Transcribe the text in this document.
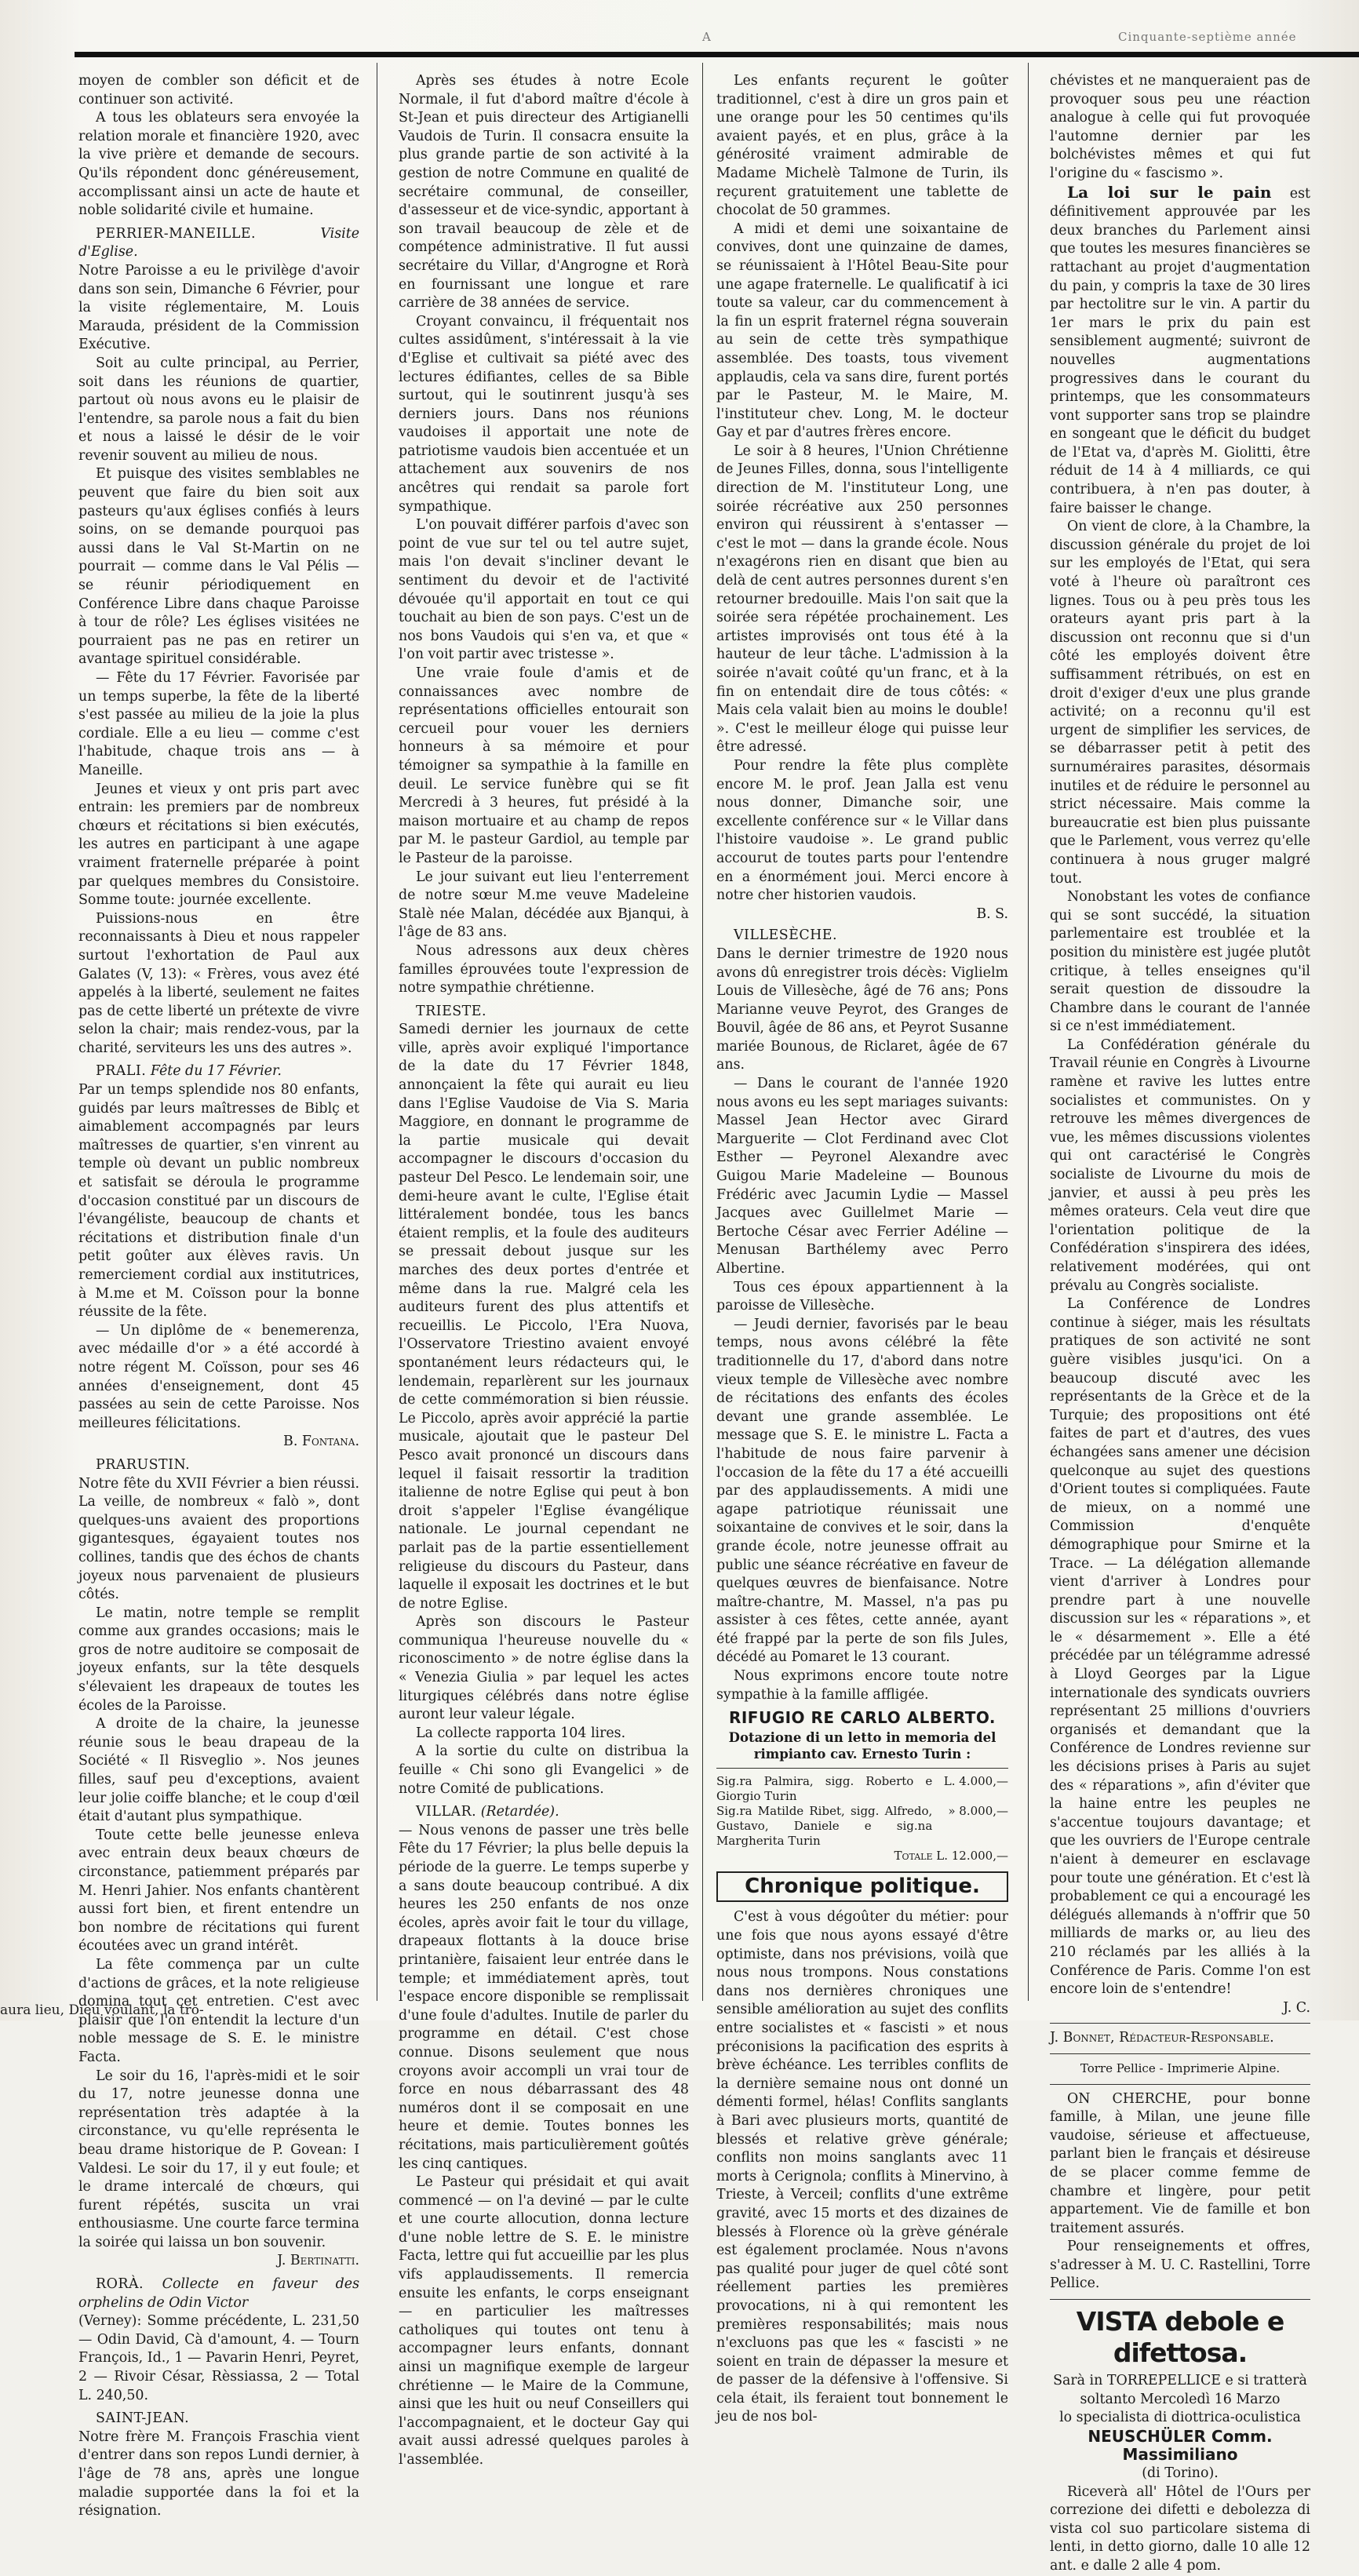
A	Cinquante-septième année

moyen de combler son déficit et de continuer son activité.

A tous les oblateurs sera envoyée la relation morale et financière 1920, avec la vive prière et demande de secours. Qu'ils répondent donc généreusement, accomplissant ainsi un acte de haute et noble solidarité civile et humaine.

PERRIER-MANEILLE.	Visite d'Eglise.

Notre Paroisse a eu le privilège d'avoir dans son sein, Dimanche 6 Février, pour la visite réglementaire, M. Louis Marauda, président de la Commission Exécutive.

Soit au culte principal, au Perrier, soit dans les réunions de quartier, partout où nous avons eu le plaisir de l'entendre, sa parole nous a fait du bien et nous a laissé le désir de le voir revenir souvent au milieu de nous.

Et puisque des visites semblables ne peuvent que faire du bien soit aux pasteurs qu'aux églises confiés à leurs soins, on se demande pourquoi pas aussi dans le Val St-Martin on ne pourrait — comme dans le Val Pélis — se réunir périodiquement en Conférence Libre dans chaque Paroisse à tour de rôle? Les églises visitées ne pourraient pas ne pas en retirer un avantage spirituel considérable.

— Fête du 17 Février. Favorisée par un temps superbe, la fête de la liberté s'est passée au milieu de la joie la plus cordiale. Elle a eu lieu — comme c'est l'habitude, chaque trois ans — à Maneille.

Jeunes et vieux y ont pris part avec entrain: les premiers par de nombreux chœurs et récitations si bien exécutés, les autres en participant à une agape vraiment fraternelle préparée à point par quelques membres du Consistoire. Somme toute: journée excellente.

Puissions-nous en être reconnaissants à Dieu et nous rappeler surtout l'exhortation de Paul aux Galates (V, 13): « Frères, vous avez été appelés à la liberté, seulement ne faites pas de cette liberté un prétexte de vivre selon la chair; mais rendez-vous, par la charité, serviteurs les uns des autres ».

PRALI. Fête du 17 Février.

Par un temps splendide nos 80 enfants, guidés par leurs maîtresses de Biblç et aimablement accompagnés par leurs maîtresses de quartier, s'en vinrent au temple où devant un public nombreux et satisfait se déroula le programme d'occasion constitué par un discours de l'évangéliste, beaucoup de chants et récitations et distribution finale d'un petit goûter aux élèves ravis. Un remerciement cordial aux institutrices, à M.me et M. Coïsson pour la bonne réussite de la fête.

— Un diplôme de « benemerenza, avec médaille d'or » a été accordé à notre régent M. Coïsson, pour ses 46 années d'enseignement, dont 45 passées au sein de cette Paroisse. Nos meilleures félicitations.

B. Fontana.

PRARUSTIN.

Notre fête du XVII Février a bien réussi. La veille, de nombreux « falò », dont quelques-uns avaient des proportions gigantesques, égayaient toutes nos collines, tandis que des échos de chants joyeux nous parvenaient de plusieurs côtés.

Le matin, notre temple se remplit comme aux grandes occasions; mais le gros de notre auditoire se composait de joyeux enfants, sur la tête desquels s'élevaient les drapeaux de toutes les écoles de la Paroisse.

A droite de la chaire, la jeunesse réunie sous le beau drapeau de la Société « Il Risveglio ». Nos jeunes filles, sauf peu d'exceptions, avaient leur jolie coiffe blanche; et le coup d'œil était d'autant plus sympathique.

Toute cette belle jeunesse enleva avec entrain deux beaux chœurs de circonstance, patiemment préparés par M. Henri Jahier. Nos enfants chantèrent aussi fort bien, et firent entendre un bon nombre de récitations qui furent écoutées avec un grand intérêt.

La fête commença par un culte d'actions de grâces, et la note religieuse domina tout cet entretien. C'est avec plaisir que l'on entendit la lecture d'un noble message de S. E. le ministre Facta.

Le soir du 16, l'après-midi et le soir du 17, notre jeunesse donna une représentation très adaptée à la circonstance, vu qu'elle représenta le beau drame historique de P. Govean: I Valdesi. Le soir du 17, il y eut foule; et le drame intercalé de chœurs, qui furent répétés, suscita un vrai enthousiasme. Une courte farce termina la soirée qui laissa un bon souvenir.

J. Bertinatti.

RORÀ. Collecte en faveur des orphelins de Odin Victor

(Verney): Somme précédente, L. 231,50 — Odin David, Cà d'amount, 4. — Tourn François, Id., 1 — Pavarin Henri, Peyret, 2 — Rivoir César, Rèssiassa, 2 — Total L. 240,50.

SAINT-JEAN.

Notre frère M. François Fraschia vient d'entrer dans son repos Lundi dernier, à l'âge de 78 ans, après une longue maladie supportée dans la foi et la résignation.

Après ses études à notre Ecole Normale, il fut d'abord maître d'école à St-Jean et puis directeur des Artigianelli Vaudois de Turin. Il consacra ensuite la plus grande partie de son activité à la gestion de notre Commune en qualité de secrétaire communal, de conseiller, d'assesseur et de vice-syndic, apportant à son travail beaucoup de zèle et de compétence administrative. Il fut aussi secrétaire du Villar, d'Angrogne et Rorà en fournissant une longue et rare carrière de 38 années de service.

Croyant convaincu, il fréquentait nos cultes assidûment, s'intéressait à la vie d'Eglise et cultivait sa piété avec des lectures édifiantes, celles de sa Bible surtout, qui le soutinrent jusqu'à ses derniers jours. Dans nos réunions vaudoises il apportait une note de patriotisme vaudois bien accentuée et un attachement aux souvenirs de nos ancêtres qui rendait sa parole fort sympathique.

L'on pouvait différer parfois d'avec son point de vue sur tel ou tel autre sujet, mais l'on devait s'incliner devant le sentiment du devoir et de l'activité dévouée qu'il apportait en tout ce qui touchait au bien de son pays. C'est un de nos bons Vaudois qui s'en va, et que « l'on voit partir avec tristesse ».

Une vraie foule d'amis et de connaissances avec nombre de représentations officielles entourait son cercueil pour vouer les derniers honneurs à sa mémoire et pour témoigner sa sympathie à la famille en deuil. Le service funèbre qui se fit Mercredi à 3 heures, fut présidé à la maison mortuaire et au champ de repos par M. le pasteur Gardiol, au temple par le Pasteur de la paroisse.

Le jour suivant eut lieu l'enterrement de notre sœur M.me veuve Madeleine Stalè née Malan, décédée aux Bjanqui, à l'âge de 83 ans.

Nous adressons aux deux chères familles éprouvées toute l'expression de notre sympathie chrétienne.

TRIESTE.

Samedi dernier les journaux de cette ville, après avoir expliqué l'importance de la date du 17 Février 1848, annonçaient la fête qui aurait eu lieu dans l'Eglise Vaudoise de Via S. Maria Maggiore, en donnant le programme de la partie musicale qui devait accompagner le discours d'occasion du pasteur Del Pesco. Le lendemain soir, une demi-heure avant le culte, l'Eglise était littéralement bondée, tous les bancs étaient remplis, et la foule des auditeurs se pressait debout jusque sur les marches des deux portes d'entrée et même dans la rue. Malgré cela les auditeurs furent des plus attentifs et recueillis. Le Piccolo, l'Era Nuova, l'Osservatore Triestino avaient envoyé spontanément leurs rédacteurs qui, le lendemain, reparlèrent sur les journaux de cette commémoration si bien réussie. Le Piccolo, après avoir apprécié la partie musicale, ajoutait que le pasteur Del Pesco avait prononcé un discours dans lequel il faisait ressortir la tradition italienne de notre Eglise qui peut à bon droit s'appeler l'Eglise évangélique nationale. Le journal cependant ne parlait pas de la partie essentiellement religieuse du discours du Pasteur, dans laquelle il exposait les doctrines et le but de notre Eglise.

Après son discours le Pasteur communiqua l'heureuse nouvelle du « riconoscimento » de notre église dans la « Venezia Giulia » par lequel les actes liturgiques célébrés dans notre église auront leur valeur légale.

La collecte rapporta 104 lires.

A la sortie du culte on distribua la feuille « Chi sono gli Evangelici » de notre Comité de publications.

VILLAR. (Retardée).

— Nous venons de passer une très belle Fête du 17 Février; la plus belle depuis la période de la guerre. Le temps superbe y a sans doute beaucoup contribué. A dix heures les 250 enfants de nos onze écoles, après avoir fait le tour du village, drapeaux flottants à la douce brise printanière, faisaient leur entrée dans le temple; et immédiatement après, tout l'espace encore disponible se remplissait d'une foule d'adultes. Inutile de parler du programme en détail. C'est chose connue. Disons seulement que nous croyons avoir accompli un vrai tour de force en nous débarrassant des 48 numéros dont il se composait en une heure et demie. Toutes bonnes les récitations, mais particulièrement goûtés les cinq cantiques.

Le Pasteur qui présidait et qui avait commencé — on l'a deviné — par le culte et une courte allocution, donna lecture d'une noble lettre de S. E. le ministre Facta, lettre qui fut accueillie par les plus vifs applaudissements. Il remercia ensuite les enfants, le corps enseignant — en particulier les maîtresses catholiques qui toutes ont tenu à accompagner leurs enfants, donnant ainsi un magnifique exemple de largeur chrétienne — le Maire de la Commune, ainsi que les huit ou neuf Conseillers qui l'accompagnaient, et le docteur Gay qui avait aussi adressé quelques paroles à l'assemblée.

Les enfants reçurent le goûter traditionnel, c'est à dire un gros pain et une orange pour les 50 centimes qu'ils avaient payés, et en plus, grâce à la générosité vraiment admirable de Madame Michelè Talmone de Turin, ils reçurent gratuitement une tablette de chocolat de 50 grammes.

A midi et demi une soixantaine de convives, dont une quinzaine de dames, se réunissaient à l'Hôtel Beau-Site pour une agape fraternelle. Le qualificatif à ici toute sa valeur, car du commencement à la fin un esprit fraternel régna souverain au sein de cette très sympathique assemblée. Des toasts, tous vivement applaudis, cela va sans dire, furent portés par le Pasteur, M. le Maire, M. l'instituteur chev. Long, M. le docteur Gay et par d'autres frères encore.

Le soir à 8 heures, l'Union Chrétienne de Jeunes Filles, donna, sous l'intelligente direction de M. l'instituteur Long, une soirée récréative aux 250 personnes environ qui réussirent à s'entasser — c'est le mot — dans la grande école. Nous n'exagérons rien en disant que bien au delà de cent autres personnes durent s'en retourner bredouille. Mais l'on sait que la soirée sera répétée prochainement. Les artistes improvisés ont tous été à la hauteur de leur tâche. L'admission à la soirée n'avait coûté qu'un franc, et à la fin on entendait dire de tous côtés: « Mais cela valait bien au moins le double! ». C'est le meilleur éloge qui puisse leur être adressé.

Pour rendre la fête plus complète encore M. le prof. Jean Jalla est venu nous donner, Dimanche soir, une excellente conférence sur « le Villar dans l'histoire vaudoise ». Le grand public accourut de toutes parts pour l'entendre en a énormément joui. Merci encore à notre cher historien vaudois.

B. S.

VILLESÈCHE.

Dans le dernier trimestre de 1920 nous avons dû enregistrer trois décès: Viglielm Louis de Villesèche, âgé de 76 ans; Pons Marianne veuve Peyrot, des Granges de Bouvil, âgée de 86 ans, et Peyrot Susanne mariée Bounous, de Riclaret, âgée de 67 ans.

— Dans le courant de l'année 1920 nous avons eu les sept mariages suivants: Massel Jean Hector avec Girard Marguerite — Clot Ferdinand avec Clot Esther — Peyronel Alexandre avec Guigou Marie Madeleine — Bounous Frédéric avec Jacumin Lydie — Massel Jacques avec Guillelmet Marie — Bertoche César avec Ferrier Adéline — Menusan Barthélemy avec Perro Albertine.

Tous ces époux appartiennent à la paroisse de Villesèche.

— Jeudi dernier, favorisés par le beau temps, nous avons célébré la fête traditionnelle du 17, d'abord dans notre vieux temple de Villesèche avec nombre de récitations des enfants des écoles devant une grande assemblée. Le message que S. E. le ministre L. Facta a l'habitude de nous faire parvenir à l'occasion de la fête du 17 a été accueilli par des applaudissements. A midi une agape patriotique réunissait une soixantaine de convives et le soir, dans la grande école, notre jeunesse offrait au public une séance récréative en faveur de quelques œuvres de bienfaisance. Notre maître-chantre, M. Massel, n'a pas pu assister à ces fêtes, cette année, ayant été frappé par la perte de son fils Jules, décédé au Pomaret le 13 courant.

Nous exprimons encore toute notre sympathie à la famille affligée.

RIFUGIO RE CARLO ALBERTO.
Dotazione di un letto in memoria del rimpianto cav. Ernesto Turin :
Sig.ra Palmira, sigg. Roberto e Giorgio Turin
L. 4.000,—
Sig.ra Matilde Ribet, sigg. Alfredo, Gustavo, Daniele e sig.na Margherita Turin
» 8.000,—
Totale L. 12.000,—
Chronique politique.

C'est à vous dégoûter du métier: pour une fois que nous ayons essayé d'être optimiste, dans nos prévisions, voilà que nous nous trompons. Nous constations dans nos dernières chroniques une sensible amélioration au sujet des conflits entre socialistes et « fascisti » et nous préconisions la pacification des esprits à brève échéance. Les terribles conflits de la dernière semaine nous ont donné un démenti formel, hélas! Conflits sanglants à Bari avec plusieurs morts, quantité de blessés et relative grève générale; conflits non moins sanglants avec 11 morts à Cerignola; conflits à Minervino, à Trieste, à Verceil; conflits d'une extrême gravité, avec 15 morts et des dizaines de blessés à Florence où la grève générale est également proclamée. Nous n'avons pas qualité pour juger de quel côté sont réellement parties les premières provocations, ni à qui remontent les premières responsabilités; mais nous n'excluons pas que les « fascisti » ne soient en train de dépasser la mesure et de passer de la défensive à l'offensive. Si cela était, ils feraient tout bonnement le jeu de nos bol-

chévistes et ne manqueraient pas de provoquer sous peu une réaction analogue à celle qui fut provoquée l'automne dernier par les bolchévistes mêmes et qui fut l'origine du « fascismo ».

La loi sur le pain est définitivement approuvée par les deux branches du Parlement ainsi que toutes les mesures financières se rattachant au projet d'augmentation du pain, y compris la taxe de 30 lires par hectolitre sur le vin. A partir du 1er mars le prix du pain est sensiblement augmenté; suivront de nouvelles augmentations progressives dans le courant du printemps, que les consommateurs vont supporter sans trop se plaindre en songeant que le déficit du budget de l'Etat va, d'après M. Giolitti, être réduit de 14 à 4 milliards, ce qui contribuera, à n'en pas douter, à faire baisser le change.

On vient de clore, à la Chambre, la discussion générale du projet de loi sur les employés de l'Etat, qui sera voté à l'heure où paraîtront ces lignes. Tous ou à peu près tous les orateurs ayant pris part à la discussion ont reconnu que si d'un côté les employés doivent être suffisamment rétribués, on est en droit d'exiger d'eux une plus grande activité; on a reconnu qu'il est urgent de simplifier les services, de se débarrasser petit à petit des surnuméraires parasites, désormais inutiles et de réduire le personnel au strict nécessaire. Mais comme la bureaucratie est bien plus puissante que le Parlement, vous verrez qu'elle continuera à nous gruger malgré tout.

Nonobstant les votes de confiance qui se sont succédé, la situation parlementaire est troublée et la position du ministère est jugée plutôt critique, à telles enseignes qu'il serait question de dissoudre la Chambre dans le courant de l'année si ce n'est immédiatement.

La Confédération générale du Travail réunie en Congrès à Livourne ramène et ravive les luttes entre socialistes et communistes. On y retrouve les mêmes divergences de vue, les mêmes discussions violentes qui ont caractérisé le Congrès socialiste de Livourne du mois de janvier, et aussi à peu près les mêmes orateurs. Cela veut dire que l'orientation politique de la Confédération s'inspirera des idées, relativement modérées, qui ont prévalu au Congrès socialiste.

La Conférence de Londres continue à siéger, mais les résultats pratiques de son activité ne sont guère visibles jusqu'ici. On a beaucoup discuté avec les représentants de la Grèce et de la Turquie; des propositions ont été faites de part et d'autres, des vues échangées sans amener une décision quelconque au sujet des questions d'Orient toutes si compliquées. Faute de mieux, on a nommé une Commission d'enquête démographique pour Smirne et la Trace. — La délégation allemande vient d'arriver à Londres pour prendre part à une nouvelle discussion sur les « réparations », et le « désarmement ». Elle a été précédée par un télégramme adressé à Lloyd Georges par la Ligue internationale des syndicats ouvriers représentant 25 millions d'ouvriers organisés et demandant que la Conférence de Londres revienne sur les décisions prises à Paris au sujet des « réparations », afin d'éviter que la haine entre les peuples ne s'accentue toujours davantage; et que les ouvriers de l'Europe centrale n'aient à demeurer en esclavage pour toute une génération. Et c'est là probablement ce qui a encouragé les délégués allemands à n'offrir que 50 milliards de marks or, au lieu des 210 réclamés par les alliés à la Conférence de Paris. Comme l'on est encore loin de s'entendre!

J. C.

J. Bonnet, Rédacteur-Responsable.

Torre Pellice - Imprimerie Alpine.

ON CHERCHE, pour bonne famille, à Milan, une jeune fille vaudoise, sérieuse et affectueuse, parlant bien le français et désireuse de se placer comme femme de chambre et lingère, pour petit appartement. Vie de famille et bon traitement assurés.

Pour renseignements et offres, s'adresser à M. U. C. Rastellini, Torre Pellice.

VISTA debole e difettosa.

Sarà in TORREPELLICE e si tratterà soltanto Mercoledì 16 Marzo

lo specialista di diottrica-oculistica

NEUSCHÜLER Comm. Massimiliano

(di Torino).

Riceverà all' Hôtel de l'Ours per correzione dei difetti e debolezza di vista col suo particolare sistema di lenti, in detto giorno, dalle 10 alle 12 ant. e dalle 2 alle 4 pom.

aura lieu, Dieu voulant, la tro-
